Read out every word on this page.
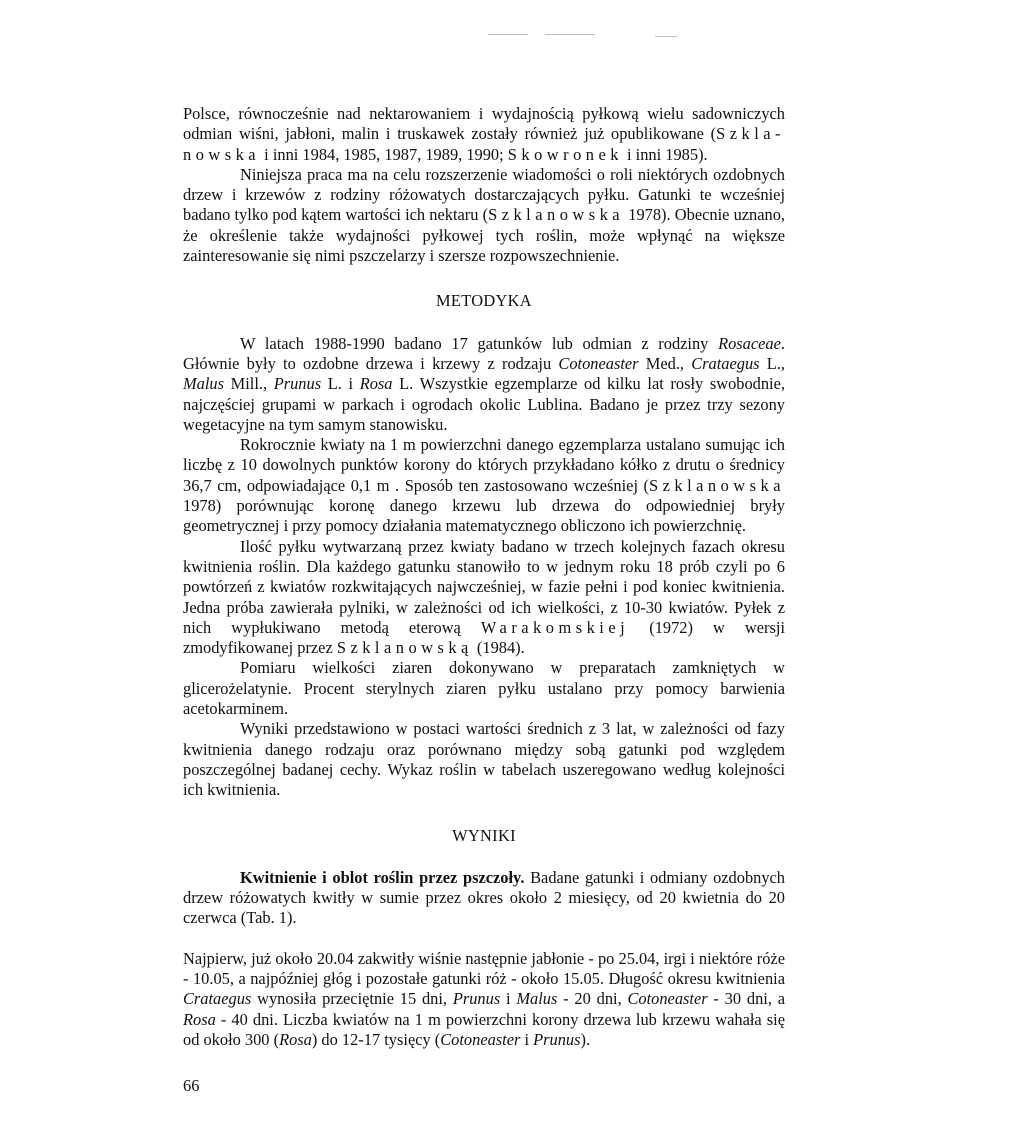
Polsce, równocześnie nad nektarowaniem i wydajnością pyłkową wielu sadowniczych odmian wiśni, jabłoni, malin i truskawek zostały również już opublikowane (Szkla-nowska i inni 1984, 1985, 1987, 1989, 1990; Skowronek i inni 1985).

Niniejsza praca ma na celu rozszerzenie wiadomości o roli niektórych ozdobnych drzew i krzewów z rodziny różowatych dostarczających pyłku. Gatunki te wcześniej badano tylko pod kątem wartości ich nektaru (Szklanowska 1978). Obecnie uznano, że określenie także wydajności pyłkowej tych roślin, może wpłynąć na większe zainteresowanie się nimi pszczelarzy i szersze rozpowszechnienie.

METODYKA

W latach 1988-1990 badano 17 gatunków lub odmian z rodziny Rosaceae. Głównie były to ozdobne drzewa i krzewy z rodzaju Cotoneaster Med., Crataegus L., Malus Mill., Prunus L. i Rosa L. Wszystkie egzemplarze od kilku lat rosły swobodnie, najczęściej grupami w parkach i ogrodach okolic Lublina. Badano je przez trzy sezony wegetacyjne na tym samym stanowisku.

Rokrocznie kwiaty na 1 m powierzchni danego egzemplarza ustalano sumując ich liczbę z 10 dowolnych punktów korony do których przykładano kółko z drutu o średnicy 36,7 cm, odpowiadające 0,1 m . Sposób ten zastosowano wcześniej (Szklanowska 1978) porównując koronę danego krzewu lub drzewa do odpowiedniej bryły geometrycznej i przy pomocy działania matematycznego obliczono ich powierzchnię.

Ilość pyłku wytwarzaną przez kwiaty badano w trzech kolejnych fazach okresu kwitnienia roślin. Dla każdego gatunku stanowiło to w jednym roku 18 prób czyli po 6 powtórzeń z kwiatów rozkwitających najwcześniej, w fazie pełni i pod koniec kwitnienia. Jedna próba zawierała pylniki, w zależności od ich wielkości, z 10-30 kwiatów. Pyłek z nich wypłukiwano metodą eterową Warakomskiej (1972) w wersji zmodyfikowanej przez Szklanowską (1984).

Pomiaru wielkości ziaren dokonywano w preparatach zamkniętych w glicerożelatynie. Procent sterylnych ziaren pyłku ustalano przy pomocy barwienia acetokarminem.

Wyniki przedstawiono w postaci wartości średnich z 3 lat, w zależności od fazy kwitnienia danego rodzaju oraz porównano między sobą gatunki pod względem poszczególnej badanej cechy. Wykaz roślin w tabelach uszeregowano według kolejności ich kwitnienia.

WYNIKI

Kwitnienie i oblot roślin przez pszczoły. Badane gatunki i odmiany ozdobnych drzew różowatych kwitły w sumie przez okres około 2 miesięcy, od 20 kwietnia do 20 czerwca (Tab. 1).

Najpierw, już około 20.04 zakwitły wiśnie następnie jabłonie - po 25.04, irgi i niektóre róże - 10.05, a najpóźniej głóg i pozostałe gatunki róż - około 15.05. Długość okresu kwitnienia Crataegus wynosiła przeciętnie 15 dni, Prunus i Malus - 20 dni, Cotoneaster - 30 dni, a Rosa - 40 dni. Liczba kwiatów na 1 m powierzchni korony drzewa lub krzewu wahała się od około 300 (Rosa) do 12-17 tysięcy (Cotoneaster i Prunus).

66
